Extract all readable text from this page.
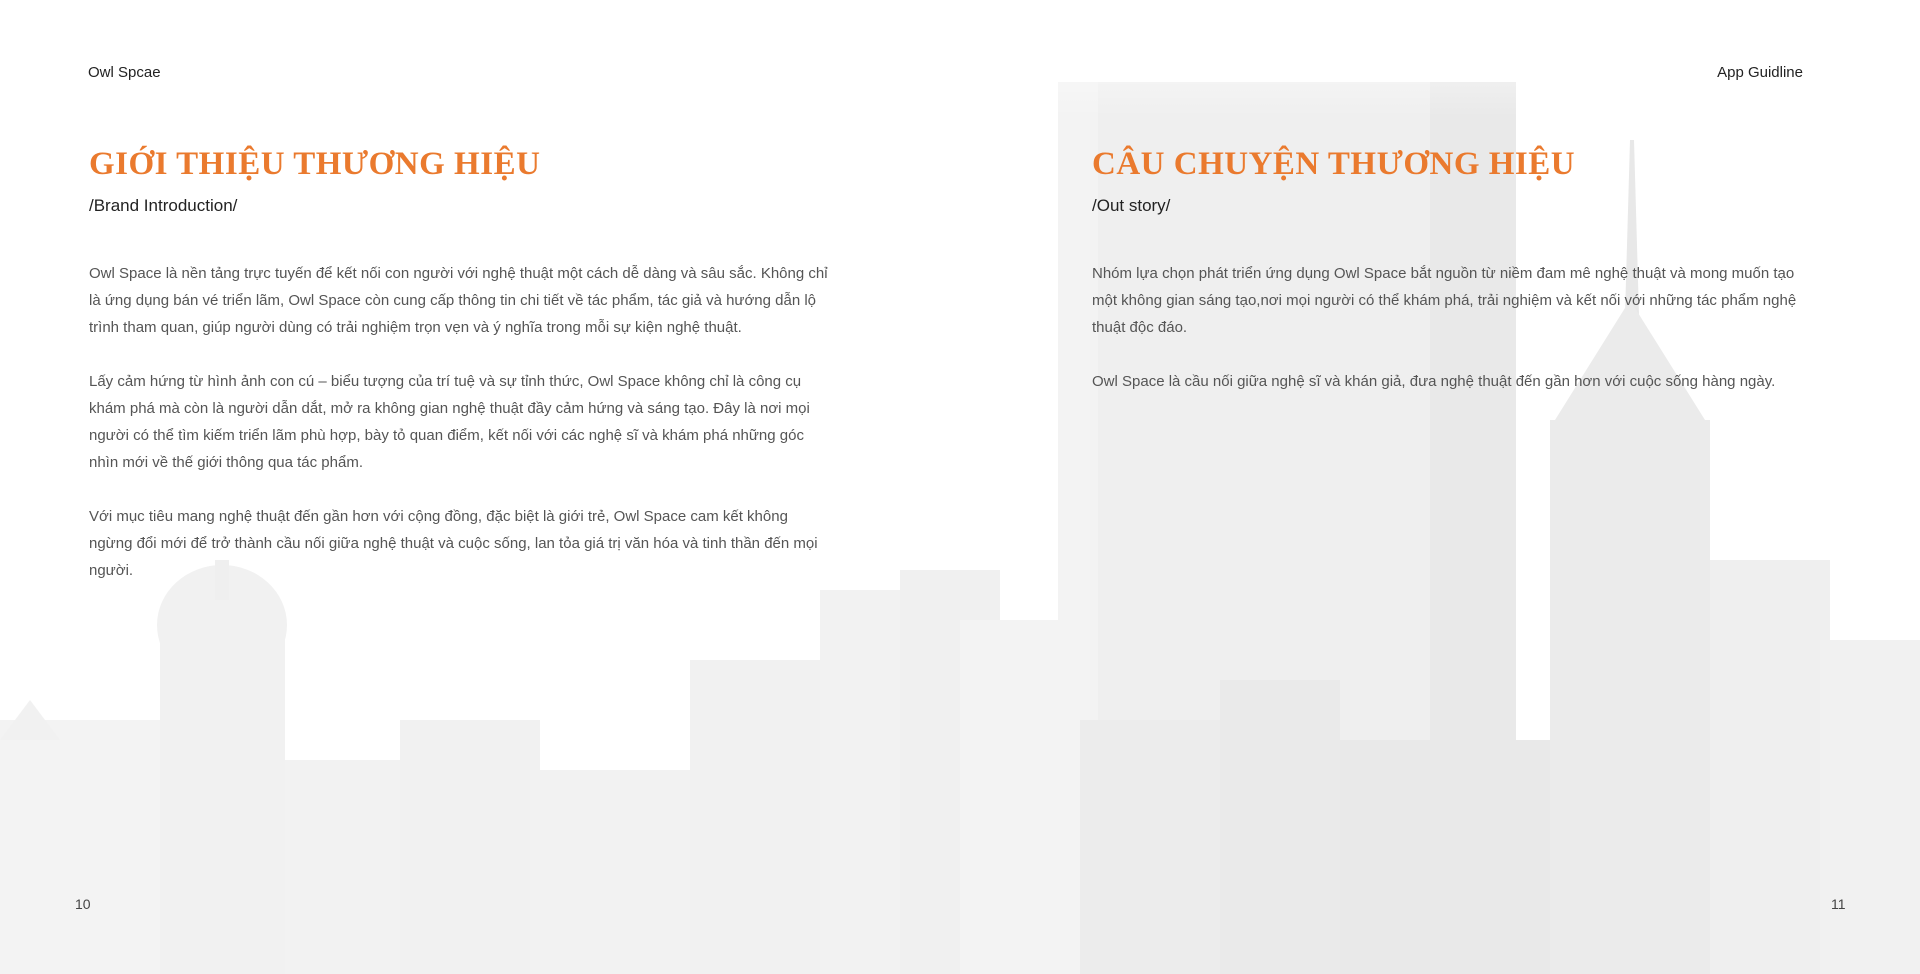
Owl Spcae	App Guidline
GIỚI THIỆU THƯƠNG HIỆU
/Brand Introduction/

Owl Space là nền tảng trực tuyến để kết nối con người với nghệ thuật một cách dễ dàng và sâu sắc. Không chỉ là ứng dụng bán vé triển lãm, Owl Space còn cung cấp thông tin chi tiết về tác phẩm, tác giả và hướng dẫn lộ trình tham quan, giúp người dùng có trải nghiệm trọn vẹn và ý nghĩa trong mỗi sự kiện nghệ thuật.

Lấy cảm hứng từ hình ảnh con cú – biểu tượng của trí tuệ và sự tỉnh thức, Owl Space không chỉ là công cụ khám phá mà còn là người dẫn dắt, mở ra không gian nghệ thuật đầy cảm hứng và sáng tạo. Đây là nơi mọi người có thể tìm kiếm triển lãm phù hợp, bày tỏ quan điểm, kết nối với các nghệ sĩ và khám phá những góc nhìn mới về thế giới thông qua tác phẩm.

Với mục tiêu mang nghệ thuật đến gần hơn với cộng đồng, đặc biệt là giới trẻ, Owl Space cam kết không ngừng đổi mới để trở thành cầu nối giữa nghệ thuật và cuộc sống, lan tỏa giá trị văn hóa và tinh thần đến mọi người.

CÂU CHUYỆN THƯƠNG HIỆU
/Out story/

Nhóm lựa chọn phát triển ứng dụng Owl Space bắt nguồn từ niềm đam mê nghệ thuật và mong muốn tạo một không gian sáng tạo,nơi mọi người có thể khám phá, trải nghiệm và kết nối với những tác phẩm nghệ thuật độc đáo.

Owl Space là cầu nối giữa nghệ sĩ và khán giả, đưa nghệ thuật đến gần hơn với cuộc sống hàng ngày.

10	11
